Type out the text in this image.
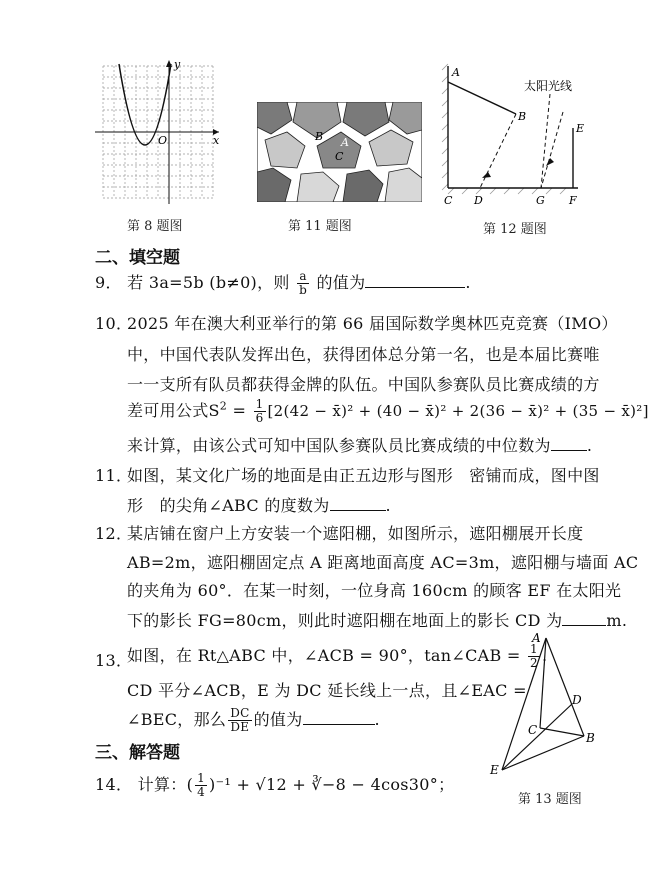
y
O	x
第 8 题图
B A
C
第 11 题图
太阳光线
A
B
E
C D	G F
第 12 题图
二、填空题
9． 若 3a=5b (b≠0)，则 $\frac{a}{b}$ 的值为	.
10．
2025 年在澳大利亚举行的第 66 届国际数学奥林匹克竞赛（IMO）
中，中国代表队发挥出色，获得团体总分第一名，也是本届比赛唯
一一支所有队员都获得金牌的队伍。中国队参赛队员比赛成绩的方
差可用公式$S^2 = \frac{1}{6} [2(42$ − x̄)² + (40 − x̄)² + 2(36 − x̄)² + (35 − x̄)²]
来计算，由该公式可知中国队参赛队员比赛成绩的中位数为 .
11．
如图，某文化广场的地面是由正五边形与图形　密铺而成，图中图
形　的尖角∠ABC 的度数为	.
12．
某店铺在窗户上方安装一个遮阳棚，如图所示，遮阳棚展开长度
AB=2m，遮阳棚固定点 A 距离地面高度 AC=3m，遮阳棚与墙面 AC
的夹角为 60°．在某一时刻，一位身高 160cm 的顾客 EF 在太阳光
下的影长 FG=80cm，则此时遮阳棚在地面上的影长 CD 为	m.
13．
如图，在 Rt△ABC 中，∠ACB = 90°，tan∠CAB = $\frac{1}{2}$ .
CD 平分∠ACB，E 为 DC 延长线上一点，且∠EAC =
∠BEC，那么 $\frac{DC}{DE}$ 的值为	.
A
D
C
B
E
第 13 题图
三、解答题
14． 计算：( $\frac{1}{4} )^{-1} + √12$ + ∛−8 − 4cos30°；
